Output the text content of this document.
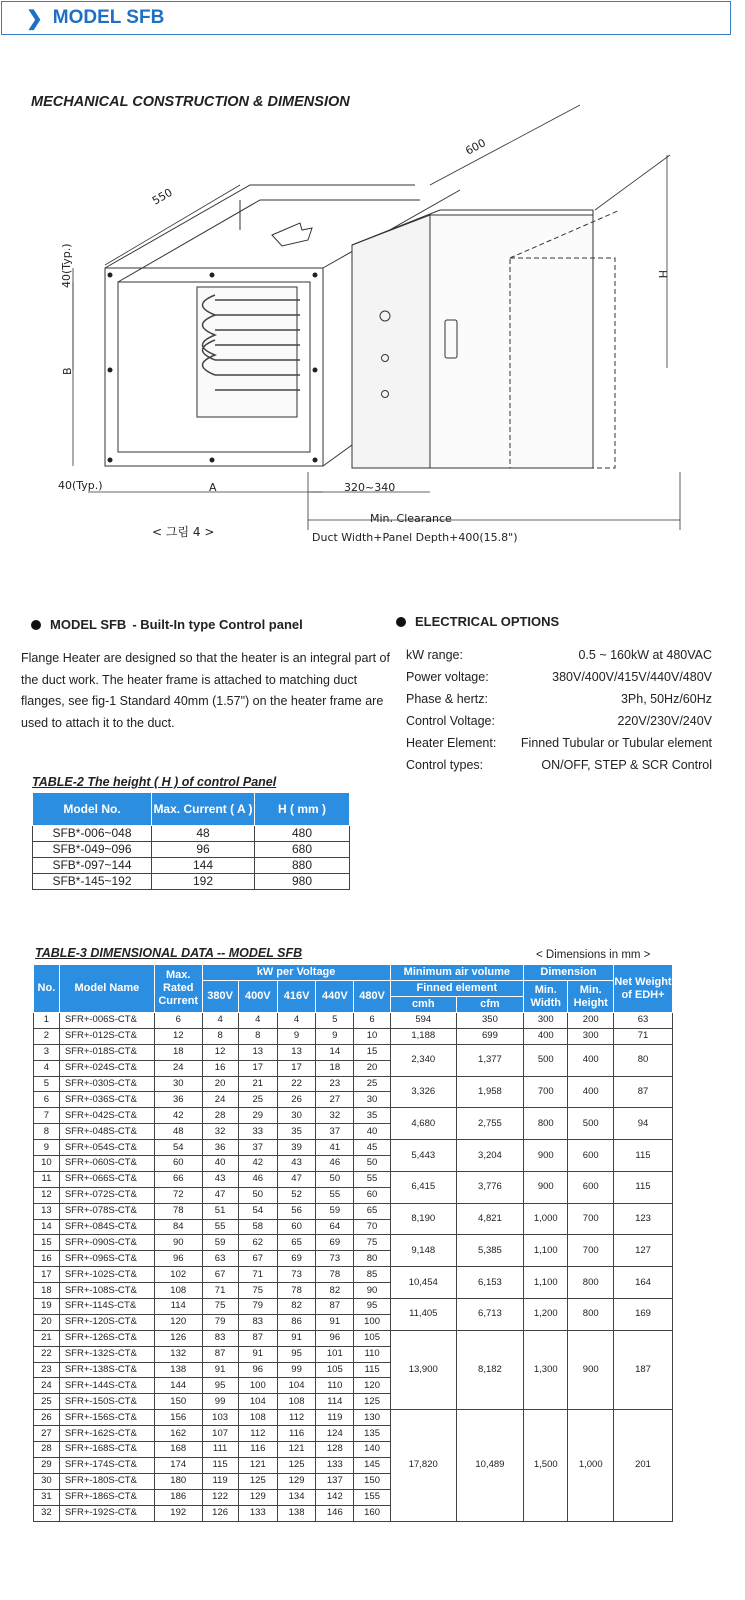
❯ MODEL SFB
MECHANICAL CONSTRUCTION & DIMENSION
550
600
40(Typ.)
B
H
40(Typ.)	A	320~340
Min. Clearance
Duct Width+Panel Depth+400(15.8")
< 그림 4 >
MODEL SFB - Built-In type Control panel
Flange Heater are designed so that the heater is an integral part of the duct work. The heater frame is attached to matching duct flanges, see fig-1 Standard 40mm (1.57") on the heater frame are used to attach it to the duct.
ELECTRICAL OPTIONS
kW range:	0.5 ~ 160kW at 480VAC
Power voltage:	380V/400V/415V/440V/480V
Phase & hertz:	3Ph, 50Hz/60Hz
Control Voltage:	220V/230V/240V
Heater Element: Finned Tubular or Tubular element
Control types:	ON/OFF, STEP & SCR Control
TABLE-2 The height ( H ) of control Panel
Model No.	Max. Current ( A )	H ( mm )
SFB*-006~048	48	480
SFB*-049~096	96	680
SFB*-097~144	144	880
SFB*-145~192	192	980
TABLE-3 DIMENSIONAL DATA -- MODEL SFB	< Dimensions in mm >
No.	Model Name	Max. Rated Current	kW per Voltage					Minimum air volume		Dimension		Net Weight of EDH+
			380V	400V	416V	440V	480V	Finned element		Min. Width	Min. Height	
								cmh	cfm			
1	SFR+-006S-CT&	6	4	4	4	5	6	594	350	300	200	63
2	SFR+-012S-CT&	12	8	8	9	9	10	1,188	699	400	300	71
3	SFR+-018S-CT&	18	12	13	13	14	15	2,340	1,377	500	400	80
4	SFR+-024S-CT&	24	16	17	17	18	20					
5	SFR+-030S-CT&	30	20	21	22	23	25	3,326	1,958	700	400	87
6	SFR+-036S-CT&	36	24	25	26	27	30					
7	SFR+-042S-CT&	42	28	29	30	32	35	4,680	2,755	800	500	94
8	SFR+-048S-CT&	48	32	33	35	37	40					
9	SFR+-054S-CT&	54	36	37	39	41	45	5,443	3,204	900	600	115
10	SFR+-060S-CT&	60	40	42	43	46	50					
11	SFR+-066S-CT&	66	43	46	47	50	55	6,415	3,776	900	600	115
12	SFR+-072S-CT&	72	47	50	52	55	60					
13	SFR+-078S-CT&	78	51	54	56	59	65	8,190	4,821	1,000	700	123
14	SFR+-084S-CT&	84	55	58	60	64	70					
15	SFR+-090S-CT&	90	59	62	65	69	75	9,148	5,385	1,100	700	127
16	SFR+-096S-CT&	96	63	67	69	73	80					
17	SFR+-102S-CT&	102	67	71	73	78	85	10,454	6,153	1,100	800	164
18	SFR+-108S-CT&	108	71	75	78	82	90					
19	SFR+-114S-CT&	114	75	79	82	87	95	11,405	6,713	1,200	800	169
20	SFR+-120S-CT&	120	79	83	86	91	100					
21	SFR+-126S-CT&	126	83	87	91	96	105	13,900	8,182	1,300	900	187
22	SFR+-132S-CT&	132	87	91	95	101	110					
23	SFR+-138S-CT&	138	91	96	99	105	115					
24	SFR+-144S-CT&	144	95	100	104	110	120					
25	SFR+-150S-CT&	150	99	104	108	114	125					
26	SFR+-156S-CT&	156	103	108	112	119	130	17,820	10,489	1,500	1,000	201
27	SFR+-162S-CT&	162	107	112	116	124	135					
28	SFR+-168S-CT&	168	111	116	121	128	140					
29	SFR+-174S-CT&	174	115	121	125	133	145					
30	SFR+-180S-CT&	180	119	125	129	137	150					
31	SFR+-186S-CT&	186	122	129	134	142	155					
32	SFR+-192S-CT&	192	126	133	138	146	160					
